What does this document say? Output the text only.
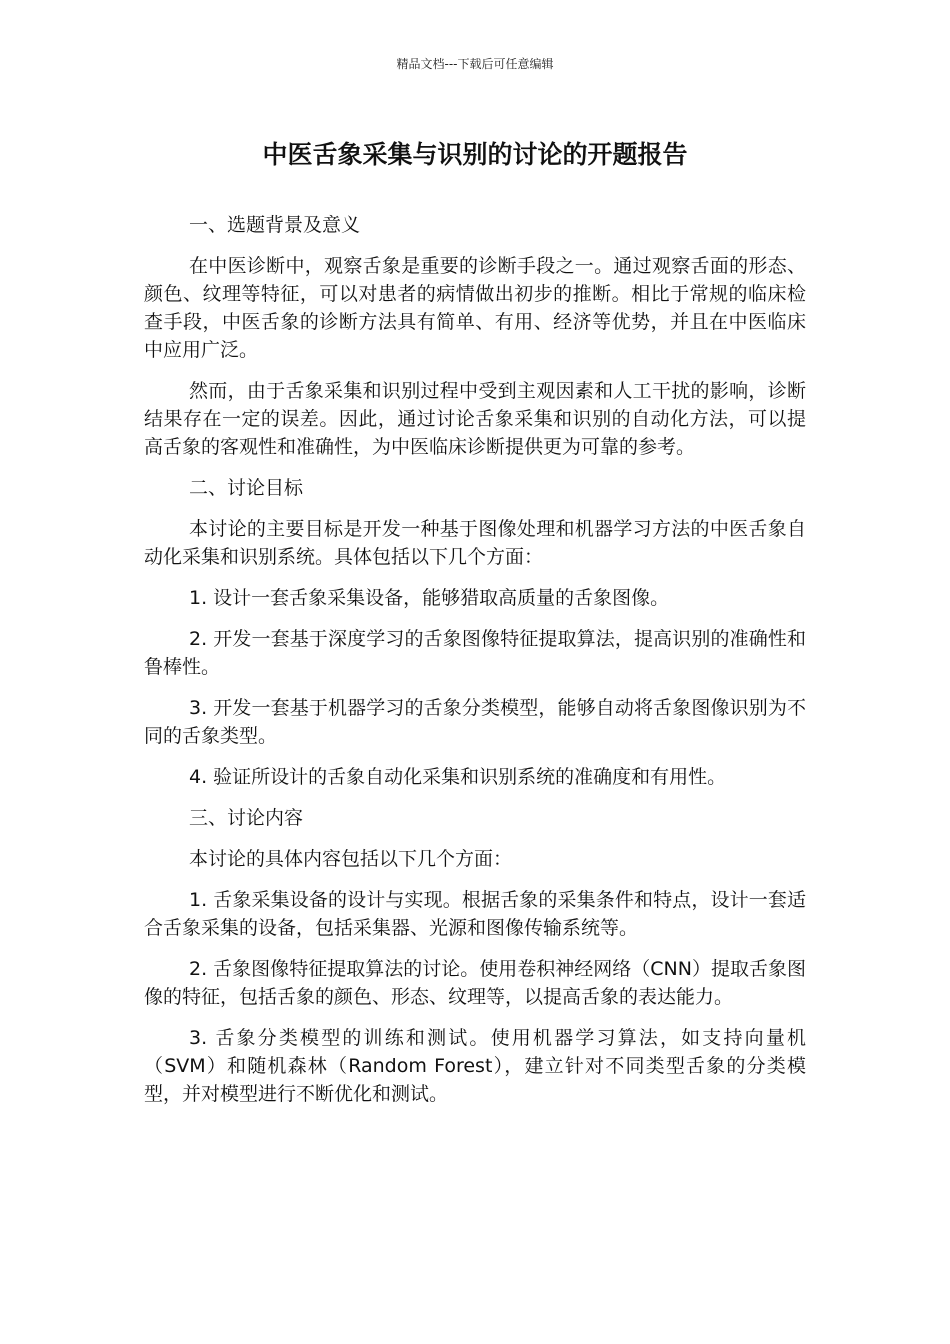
精品文档---下载后可任意编辑
中医舌象采集与识别的讨论的开题报告

一、选题背景及意义

在中医诊断中，观察舌象是重要的诊断手段之一。通过观察舌面的形态、颜色、纹理等特征，可以对患者的病情做出初步的推断。相比于常规的临床检查手段，中医舌象的诊断方法具有简单、有用、经济等优势，并且在中医临床中应用广泛。

然而，由于舌象采集和识别过程中受到主观因素和人工干扰的影响，诊断结果存在一定的误差。因此，通过讨论舌象采集和识别的自动化方法，可以提高舌象的客观性和准确性，为中医临床诊断提供更为可靠的参考。

二、讨论目标

本讨论的主要目标是开发一种基于图像处理和机器学习方法的中医舌象自动化采集和识别系统。具体包括以下几个方面：

1. 设计一套舌象采集设备，能够猎取高质量的舌象图像。

2. 开发一套基于深度学习的舌象图像特征提取算法，提高识别的准确性和鲁棒性。

3. 开发一套基于机器学习的舌象分类模型，能够自动将舌象图像识别为不同的舌象类型。

4. 验证所设计的舌象自动化采集和识别系统的准确度和有用性。

三、讨论内容

本讨论的具体内容包括以下几个方面：

1. 舌象采集设备的设计与实现。根据舌象的采集条件和特点，设计一套适合舌象采集的设备，包括采集器、光源和图像传输系统等。

2. 舌象图像特征提取算法的讨论。使用卷积神经网络（CNN）提取舌象图像的特征，包括舌象的颜色、形态、纹理等，以提高舌象的表达能力。

3. 舌象分类模型的训练和测试。使用机器学习算法，如支持向量机（SVM）和随机森林（Random Forest），建立针对不同类型舌象的分类模型，并对模型进行不断优化和测试。
